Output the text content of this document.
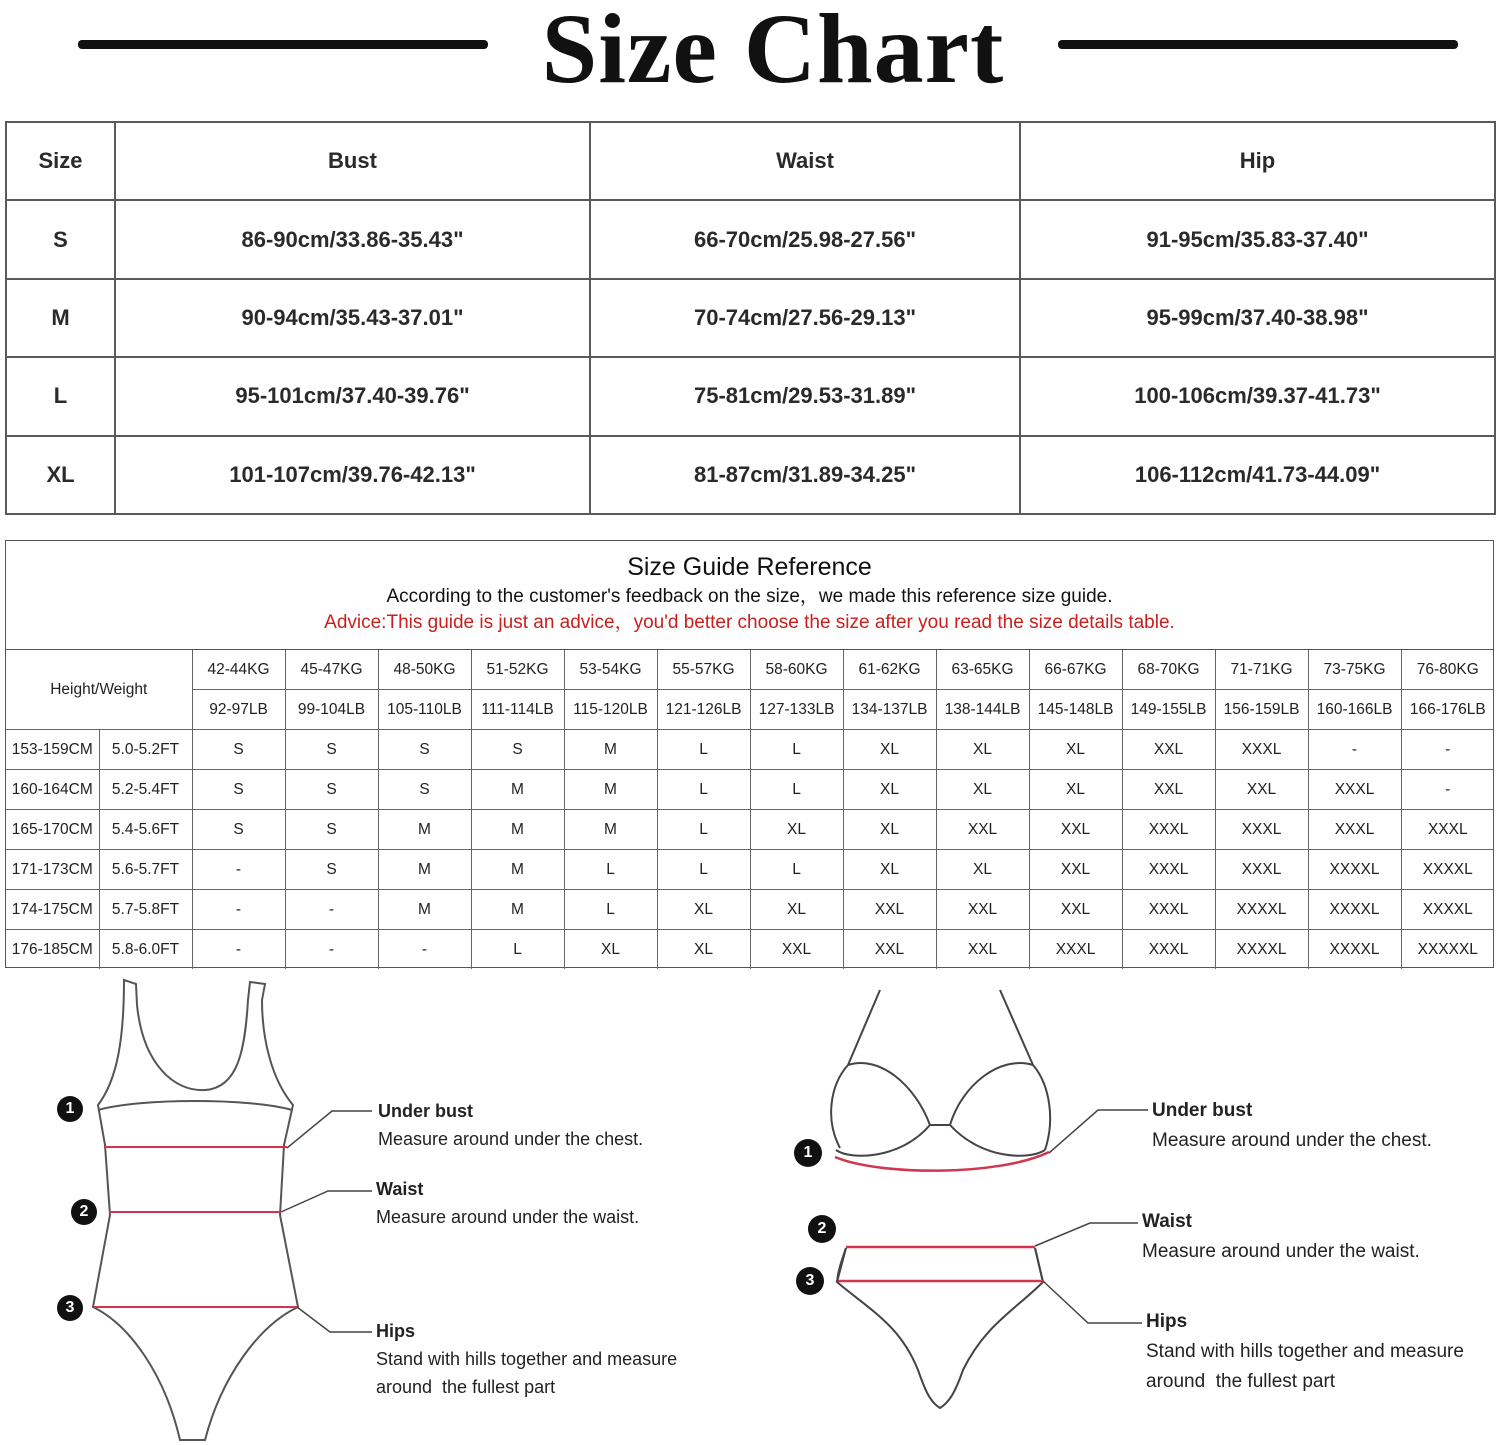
Size Chart
Size	Bust	Waist	Hip
S	86-90cm/33.86-35.43"	66-70cm/25.98-27.56"	91-95cm/35.83-37.40"
M	90-94cm/35.43-37.01"	70-74cm/27.56-29.13"	95-99cm/37.40-38.98"
L	95-101cm/37.40-39.76"	75-81cm/29.53-31.89"	100-106cm/39.37-41.73"
XL	101-107cm/39.76-42.13"	81-87cm/31.89-34.25"	106-112cm/41.73-44.09"
Size Guide Reference
According to the customer's feedback on the size，we made this reference size guide.
Advice:This guide is just an advice，you'd better choose the size after you read the size details table.
Height/Weight		42-44KG	45-47KG	48-50KG	51-52KG	53-54KG	55-57KG	58-60KG	61-62KG	63-65KG	66-67KG	68-70KG	71-71KG	73-75KG	76-80KG
		92-97LB	99-104LB	105-110LB	111-114LB	115-120LB	121-126LB	127-133LB	134-137LB	138-144LB	145-148LB	149-155LB	156-159LB	160-166LB	166-176LB
153-159CM	5.0-5.2FT	S	S	S	S	M	L	L	XL	XL	XL	XXL	XXXL	-	-
160-164CM	5.2-5.4FT	S	S	S	M	M	L	L	XL	XL	XL	XXL	XXL	XXXL	-
165-170CM	5.4-5.6FT	S	S	M	M	M	L	XL	XL	XXL	XXL	XXXL	XXXL	XXXL	XXXL
171-173CM	5.6-5.7FT	-	S	M	M	L	L	L	XL	XL	XXL	XXXL	XXXL	XXXXL	XXXXL
174-175CM	5.7-5.8FT	-	-	M	M	L	XL	XL	XXL	XXL	XXL	XXXL	XXXXL	XXXXL	XXXXL
176-185CM	5.8-6.0FT	-	-	-	L	XL	XL	XXL	XXL	XXL	XXXL	XXXL	XXXXL	XXXXL	XXXXXL
1
2
3
Under bust
Measure around under the chest.
Waist
Measure around under the waist.
Hips
Stand with hills together and measure
around  the fullest part
1
2
3
Under bust
Measure around under the chest.
Waist
Measure around under the waist.
Hips
Stand with hills together and measure
around  the fullest part
